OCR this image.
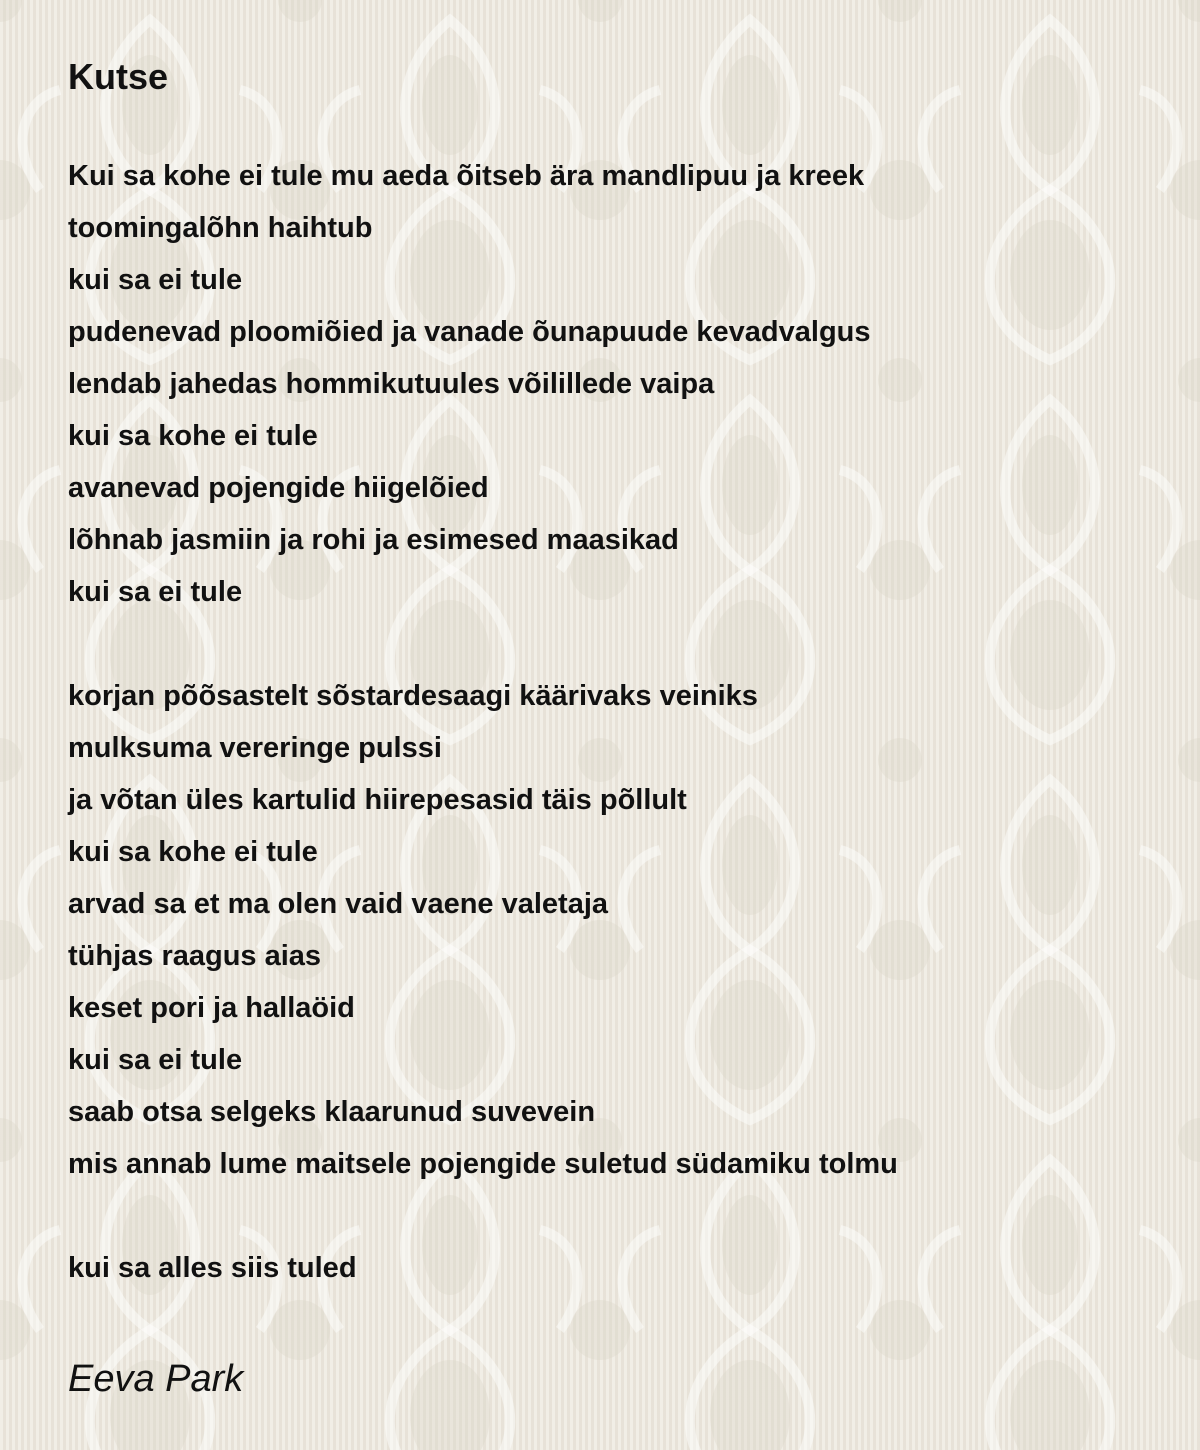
Kutse
Kui sa kohe ei tule mu aeda õitseb ära mandlipuu ja kreek
toomingalõhn haihtub
kui sa ei tule
pudenevad ploomiõied ja vanade õunapuude kevadvalgus
lendab jahedas hommikutuules võilillede vaipa
kui sa kohe ei tule
avanevad pojengide hiigelõied
lõhnab jasmiin ja rohi ja esimesed maasikad
kui sa ei tule
korjan põõsastelt sõstardesaagi käärivaks veiniks
mulksuma vereringe pulssi
ja võtan üles kartulid hiirepesasid täis põllult
kui sa kohe ei tule
arvad sa et ma olen vaid vaene valetaja
tühjas raagus aias
keset pori ja hallaöid
kui sa ei tule
saab otsa selgeks klaarunud suvevein
mis annab lume maitsele pojengide suletud südamiku tolmu
kui sa alles siis tuled
Eeva Park
